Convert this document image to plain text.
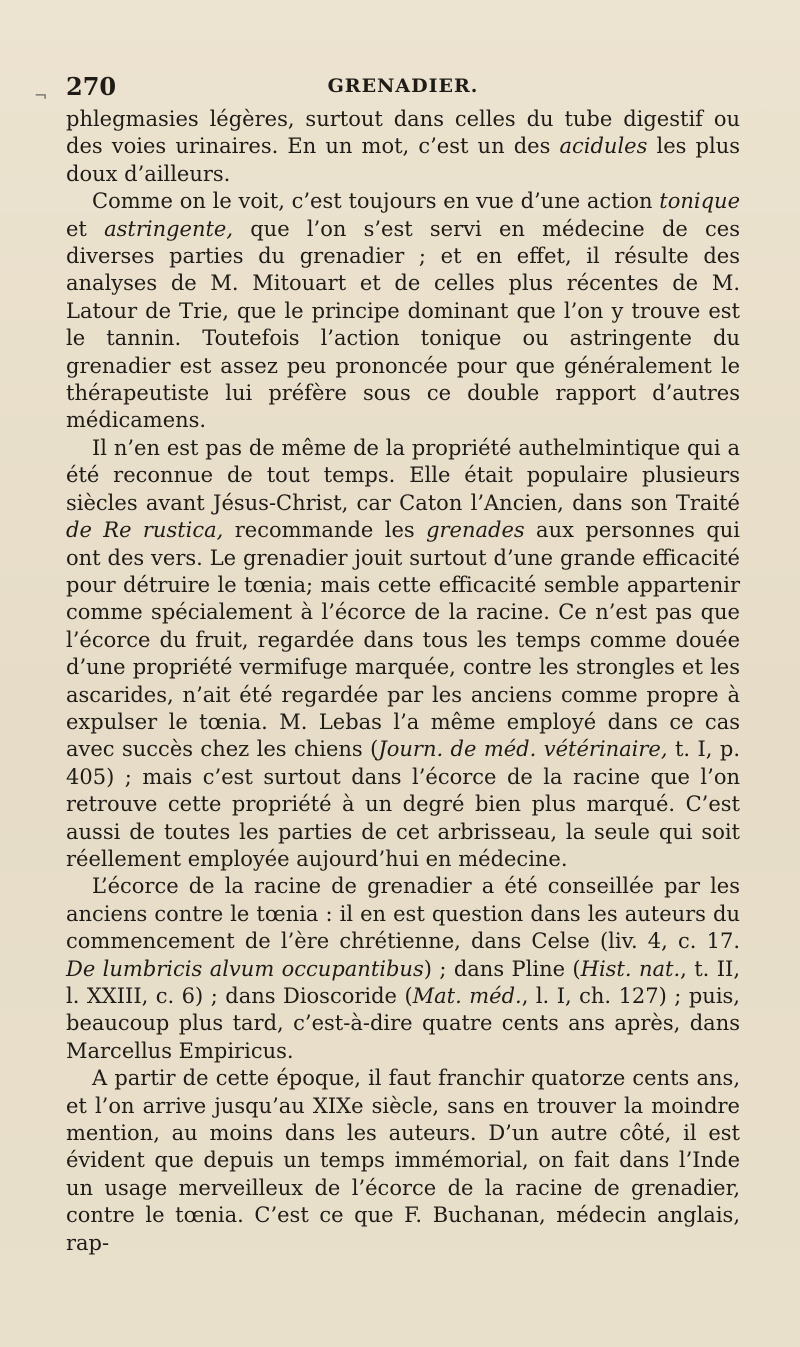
¬ 270	GRENADIER.

phlegmasies légères, surtout dans celles du tube digestif ou des voies urinaires. En un mot, c’est un des acidules les plus doux d’ailleurs.

Comme on le voit, c’est toujours en vue d’une action tonique et astringente, que l’on s’est servi en médecine de ces diverses parties du grenadier ; et en effet, il résulte des analyses de M. Mitouart et de celles plus récentes de M. Latour de Trie, que le principe dominant que l’on y trouve est le tannin. Toutefois l’action tonique ou astringente du grenadier est assez peu prononcée pour que généralement le thérapeutiste lui préfère sous ce double rapport d’autres médicamens.

Il n’en est pas de même de la propriété authelmintique qui a été reconnue de tout temps. Elle était populaire plusieurs siècles avant Jésus-Christ, car Caton l’Ancien, dans son Traité de Re rustica, recommande les grenades aux personnes qui ont des vers. Le grenadier jouit surtout d’une grande efficacité pour détruire le tœnia; mais cette efficacité semble appartenir comme spécialement à l’écorce de la racine. Ce n’est pas que l’écorce du fruit, regardée dans tous les temps comme douée d’une propriété vermifuge marquée, contre les strongles et les ascarides, n’ait été regardée par les anciens comme propre à expulser le tœnia. M. Lebas l’a même employé dans ce cas avec succès chez les chiens (Journ. de méd. vétérinaire, t. I, p. 405) ; mais c’est surtout dans l’écorce de la racine que l’on retrouve cette propriété à un degré bien plus marqué. C’est aussi de toutes les parties de cet arbrisseau, la seule qui soit réellement employée aujourd’hui en médecine.

L’écorce de la racine de grenadier a été conseillée par les anciens contre le tœnia : il en est question dans les auteurs du commencement de l’ère chrétienne, dans Celse (liv. 4, c. 17. De lumbricis alvum occupantibus) ; dans Pline (Hist. nat., t. II, l. XXIII, c. 6) ; dans Dioscoride (Mat. méd., l. I, ch. 127) ; puis, beaucoup plus tard, c’est-à-dire quatre cents ans après, dans Marcellus Empiricus.

A partir de cette époque, il faut franchir quatorze cents ans, et l’on arrive jusqu’au XIXe siècle, sans en trouver la moindre mention, au moins dans les auteurs. D’un autre côté, il est évident que depuis un temps immémorial, on fait dans l’Inde un usage merveilleux de l’écorce de la racine de grenadier, contre le tœnia. C’est ce que F. Buchanan, médecin anglais, rap-
